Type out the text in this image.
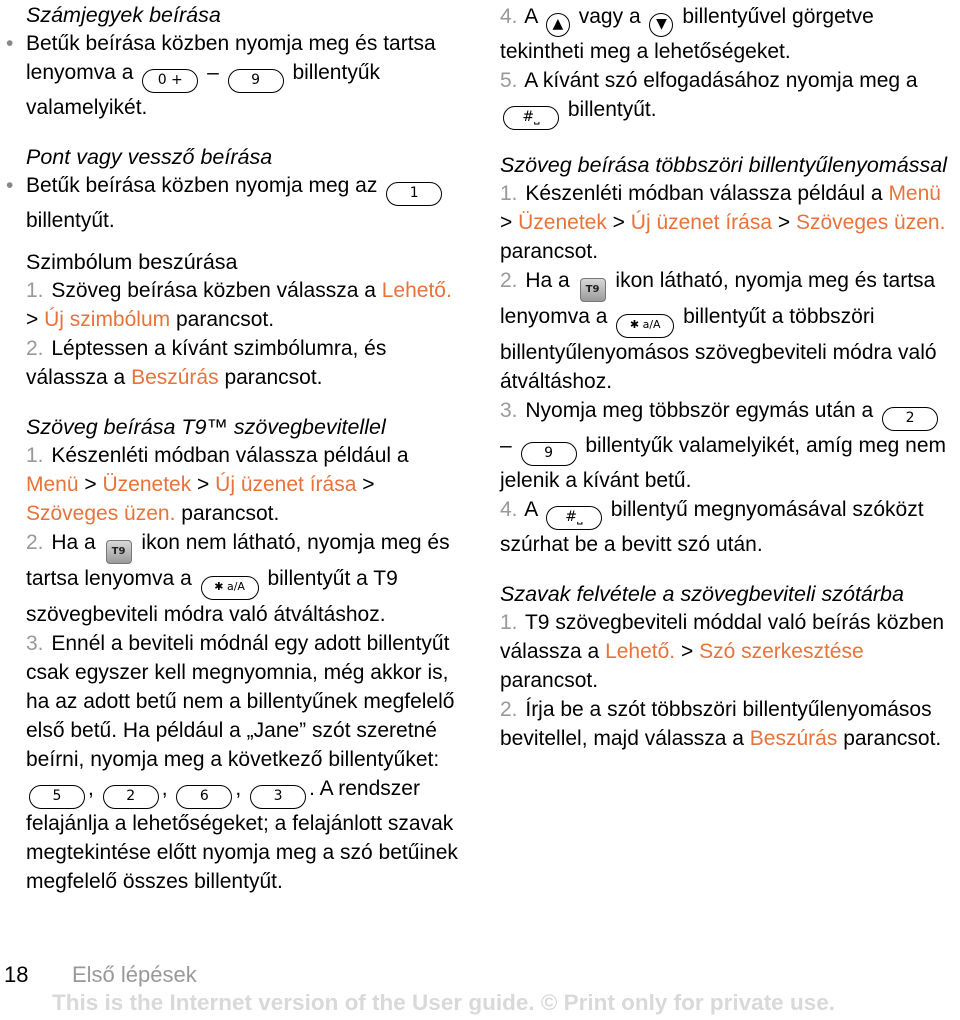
Számjegyek beírása
• Betűk beírása közben nyomja meg és tartsa lenyomva a 0 + – 9 billentyűk valamelyikét.
Pont vagy vessző beírása
• Betűk beírása közben nyomja meg az 1 billentyűt.
Szimbólum beszúrása
1. Szöveg beírása közben válassza a Lehető. > Új szimbólum parancsot.
2. Léptessen a kívánt szimbólumra, és válassza a Beszúrás parancsot.
Szöveg beírása T9™ szövegbevitellel
1. Készenléti módban válassza például a Menü > Üzenetek > Új üzenet írása > Szöveges üzen. parancsot.
2. Ha a T9 ikon nem látható, nyomja meg és tartsa lenyomva a ✱ a/A billentyűt a T9 szövegbeviteli módra való átváltáshoz.
3. Ennél a beviteli módnál egy adott billentyűt csak egyszer kell megnyomnia, még akkor is, ha az adott betű nem a billentyűnek megfelelő első betű. Ha például a „Jane” szót szeretné beírni, nyomja meg a következő billentyűket: 5 , 2 , 6 , 3 . A rendszer felajánlja a lehetőségeket; a felajánlott szavak megtekintése előtt nyomja meg a szó betűinek megfelelő összes billentyűt.
4. A ▲ vagy a ▼ billentyűvel görgetve tekintheti meg a lehetőségeket.
5. A kívánt szó elfogadásához nyomja meg a #⎵ billentyűt.
Szöveg beírása többszöri billentyűlenyomással
1. Készenléti módban válassza például a Menü > Üzenetek > Új üzenet írása > Szöveges üzen. parancsot.
2. Ha a T9 ikon látható, nyomja meg és tartsa lenyomva a ✱ a/A billentyűt a többszöri billentyűlenyomásos szövegbeviteli módra való átváltáshoz.
3. Nyomja meg többször egymás után a 2 – 9 billentyűk valamelyikét, amíg meg nem jelenik a kívánt betű.
4. A #⎵ billentyű megnyomásával szóközt szúrhat be a bevitt szó után.
Szavak felvétele a szövegbeviteli szótárba
1. T9 szövegbeviteli móddal való beírás közben válassza a Lehető. > Szó szerkesztése parancsot.
2. Írja be a szót többszöri billentyűlenyomásos bevitellel, majd válassza a Beszúrás parancsot.
18 Első lépések
This is the Internet version of the User guide. © Print only for private use.
